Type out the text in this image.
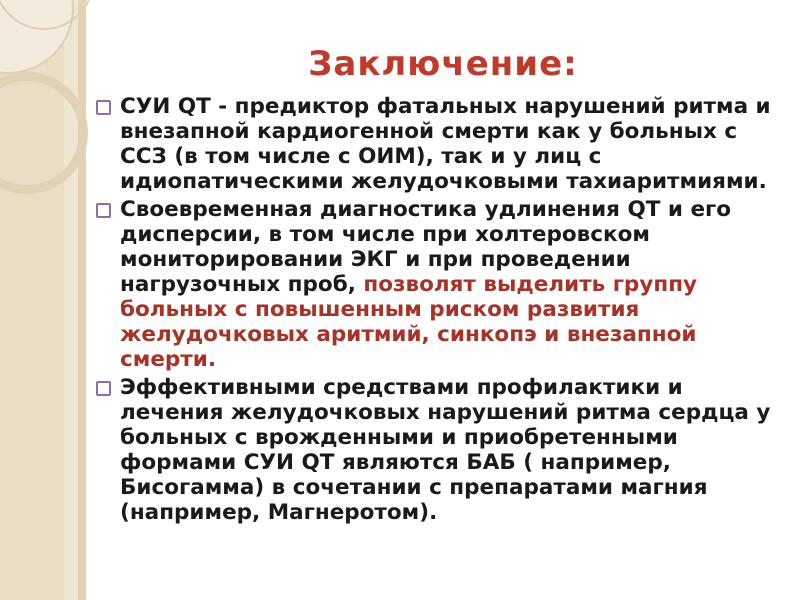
Заключение:
СУИ QT - предиктор фатальных нарушений ритма и внезапной кардиогенной смерти как у больных с ССЗ (в том числе с ОИМ), так и у лиц с идиопатическими желудочковыми тахиаритмиями.
Своевременная диагностика удлинения QT и его дисперсии, в том числе при холтеровском мониторировании ЭКГ и при проведении нагрузочных проб, позволят выделить группу больных с повышенным риском развития желудочковых аритмий, синкопэ и внезапной смерти.
Эффективными средствами профилактики и лечения желудочковых нарушений ритма сердца у больных с врожденными и приобретенными формами СУИ QT являются БАБ ( например, Бисогамма) в сочетании с препаратами магния (например, Магнеротом).
